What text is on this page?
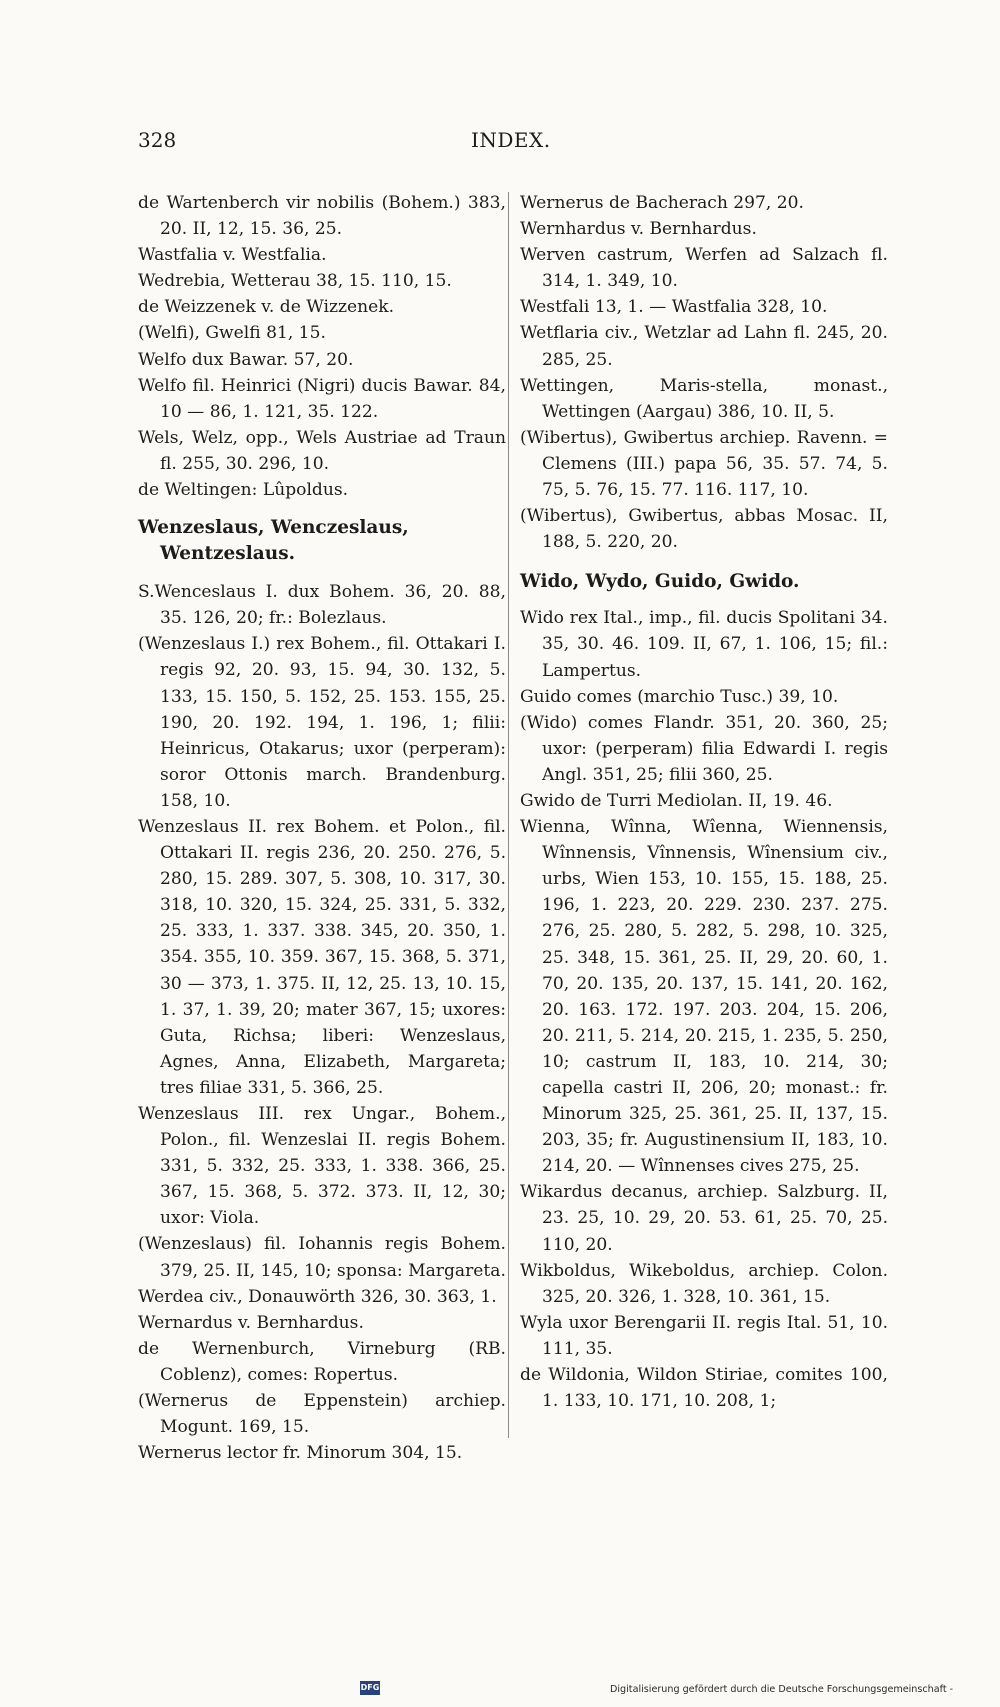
328	INDEX.

de Wartenberch vir nobilis (Bohem.) 383, 20. II, 12, 15. 36, 25.

Wastfalia v. Westfalia.

Wedrebia, Wetterau 38, 15. 110, 15.

de Weizzenek v. de Wizzenek.

(Welfi), Gwelfi 81, 15.

Welfo dux Bawar. 57, 20.

Welfo fil. Heinrici (Nigri) ducis Bawar. 84, 10 — 86, 1. 121, 35. 122.

Wels, Welz, opp., Wels Austriae ad Traun fl. 255, 30. 296, 10.

de Weltingen: Lûpoldus.

Wenzeslaus, Wenczeslaus, Wentzeslaus.

S.Wenceslaus I. dux Bohem. 36, 20. 88, 35. 126, 20; fr.: Bolezlaus.

(Wenzeslaus I.) rex Bohem., fil. Ottakari I. regis 92, 20. 93, 15. 94, 30. 132, 5. 133, 15. 150, 5. 152, 25. 153. 155, 25. 190, 20. 192. 194, 1. 196, 1; filii: Heinricus, Otakarus; uxor (perperam): soror Ottonis march. Brandenburg. 158, 10.

Wenzeslaus II. rex Bohem. et Polon., fil. Ottakari II. regis 236, 20. 250. 276, 5. 280, 15. 289. 307, 5. 308, 10. 317, 30. 318, 10. 320, 15. 324, 25. 331, 5. 332, 25. 333, 1. 337. 338. 345, 20. 350, 1. 354. 355, 10. 359. 367, 15. 368, 5. 371, 30 — 373, 1. 375. II, 12, 25. 13, 10. 15, 1. 37, 1. 39, 20; mater 367, 15; uxores: Guta, Richsa; liberi: Wenzeslaus, Agnes, Anna, Elizabeth, Margareta; tres filiae 331, 5. 366, 25.

Wenzeslaus III. rex Ungar., Bohem., Polon., fil. Wenzeslai II. regis Bohem. 331, 5. 332, 25. 333, 1. 338. 366, 25. 367, 15. 368, 5. 372. 373. II, 12, 30; uxor: Viola.

(Wenzeslaus) fil. Iohannis regis Bohem. 379, 25. II, 145, 10; sponsa: Margareta.

Werdea civ., Donauwörth 326, 30. 363, 1.

Wernardus v. Bernhardus.

de Wernenburch, Virneburg (RB. Coblenz), comes: Ropertus.

(Wernerus de Eppenstein) archiep. Mogunt. 169, 15.

Wernerus lector fr. Minorum 304, 15.

Wernerus de Bacherach 297, 20.

Wernhardus v. Bernhardus.

Werven castrum, Werfen ad Salzach fl. 314, 1. 349, 10.

Westfali 13, 1. — Wastfalia 328, 10.

Wetflaria civ., Wetzlar ad Lahn fl. 245, 20. 285, 25.

Wettingen, Maris-stella, monast., Wettingen (Aargau) 386, 10. II, 5.

(Wibertus), Gwibertus archiep. Ravenn. = Clemens (III.) papa 56, 35. 57. 74, 5. 75, 5. 76, 15. 77. 116. 117, 10.

(Wibertus), Gwibertus, abbas Mosac. II, 188, 5. 220, 20.

Wido, Wydo, Guido, Gwido.

Wido rex Ital., imp., fil. ducis Spolitani 34. 35, 30. 46. 109. II, 67, 1. 106, 15; fil.: Lampertus.

Guido comes (marchio Tusc.) 39, 10.

(Wido) comes Flandr. 351, 20. 360, 25; uxor: (perperam) filia Edwardi I. regis Angl. 351, 25; filii 360, 25.

Gwido de Turri Mediolan. II, 19. 46.

Wienna, Wînna, Wîenna, Wiennensis, Wînnensis, Vînnensis, Wînensium civ., urbs, Wien 153, 10. 155, 15. 188, 25. 196, 1. 223, 20. 229. 230. 237. 275. 276, 25. 280, 5. 282, 5. 298, 10. 325, 25. 348, 15. 361, 25. II, 29, 20. 60, 1. 70, 20. 135, 20. 137, 15. 141, 20. 162, 20. 163. 172. 197. 203. 204, 15. 206, 20. 211, 5. 214, 20. 215, 1. 235, 5. 250, 10; castrum II, 183, 10. 214, 30; capella castri II, 206, 20; monast.: fr. Minorum 325, 25. 361, 25. II, 137, 15. 203, 35; fr. Augustinensium II, 183, 10. 214, 20. — Wînnenses cives 275, 25.

Wikardus decanus, archiep. Salzburg. II, 23. 25, 10. 29, 20. 53. 61, 25. 70, 25. 110, 20.

Wikboldus, Wikeboldus, archiep. Colon. 325, 20. 326, 1. 328, 10. 361, 15.

Wyla uxor Berengarii II. regis Ital. 51, 10. 111, 35.

de Wildonia, Wildon Stiriae, comites 100, 1. 133, 10. 171, 10. 208, 1;

Digitalisierung gefördert durch die Deutsche Forschungsgemeinschaft -
DFG
